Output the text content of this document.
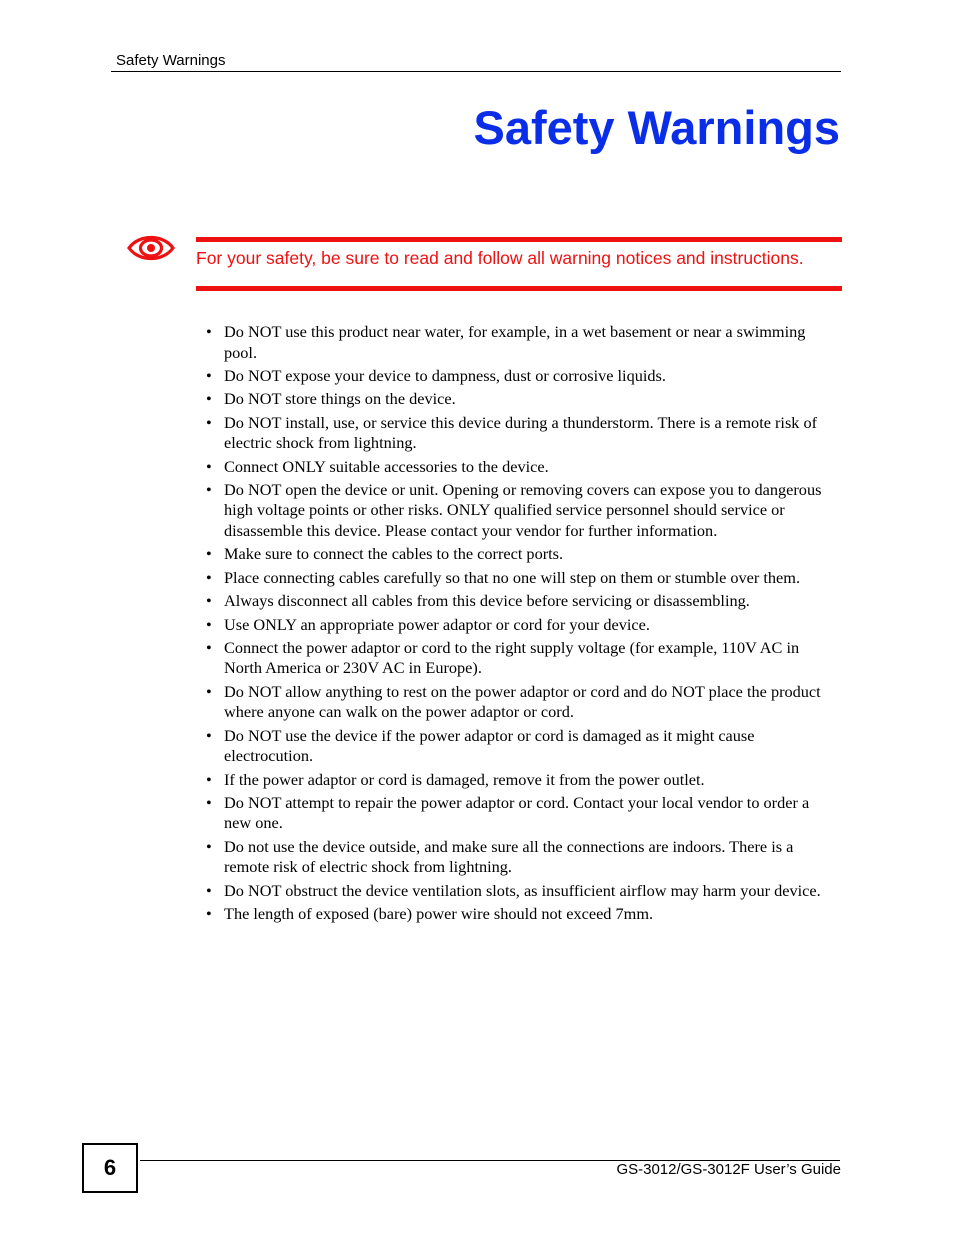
Safety Warnings
Safety Warnings
For your safety, be sure to read and follow all warning notices and instructions.
• Do NOT use this product near water, for example, in a wet basement or near a swimming pool.
• Do NOT expose your device to dampness, dust or corrosive liquids.
• Do NOT store things on the device.
• Do NOT install, use, or service this device during a thunderstorm. There is a remote risk of electric shock from lightning.
• Connect ONLY suitable accessories to the device.
• Do NOT open the device or unit. Opening or removing covers can expose you to dangerous high voltage points or other risks. ONLY qualified service personnel should service or disassemble this device. Please contact your vendor for further information.
• Make sure to connect the cables to the correct ports.
• Place connecting cables carefully so that no one will step on them or stumble over them.
• Always disconnect all cables from this device before servicing or disassembling.
• Use ONLY an appropriate power adaptor or cord for your device.
• Connect the power adaptor or cord to the right supply voltage (for example, 110V AC in North America or 230V AC in Europe).
• Do NOT allow anything to rest on the power adaptor or cord and do NOT place the product where anyone can walk on the power adaptor or cord.
• Do NOT use the device if the power adaptor or cord is damaged as it might cause electrocution.
• If the power adaptor or cord is damaged, remove it from the power outlet.
• Do NOT attempt to repair the power adaptor or cord. Contact your local vendor to order a new one.
• Do not use the device outside, and make sure all the connections are indoors. There is a remote risk of electric shock from lightning.
• Do NOT obstruct the device ventilation slots, as insufficient airflow may harm your device.
• The length of exposed (bare) power wire should not exceed 7mm.
6	GS-3012/GS-3012F User’s Guide
